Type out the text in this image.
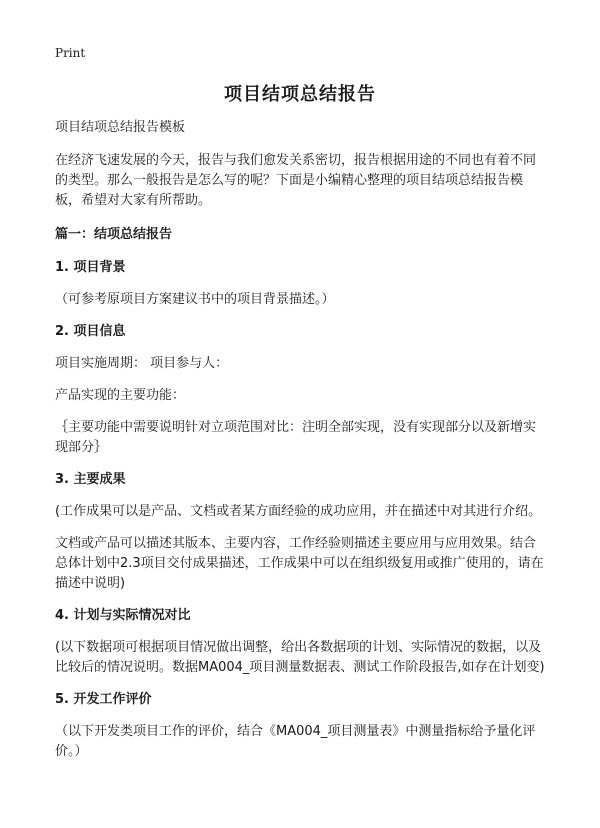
Print
项目结项总结报告

项目结项总结报告模板

在经济飞速发展的今天，报告与我们愈发关系密切，报告根据用途的不同也有着不同的类型。那么一般报告是怎么写的呢？下面是小编精心整理的项目结项总结报告模板，希望对大家有所帮助。

篇一：结项总结报告

1. 项目背景

（可参考原项目方案建议书中的项目背景描述。）

2. 项目信息

项目实施周期： 项目参与人：

产品实现的主要功能：

｛主要功能中需要说明针对立项范围对比：注明全部实现，没有实现部分以及新增实现部分｝

3. 主要成果

(工作成果可以是产品、文档或者某方面经验的成功应用，并在描述中对其进行介绍。

文档或产品可以描述其版本、主要内容，工作经验则描述主要应用与应用效果。结合总体计划中2.3项目交付成果描述，工作成果中可以在组织级复用或推广使用的，请在描述中说明)

4. 计划与实际情况对比

(以下数据项可根据项目情况做出调整，给出各数据项的计划、实际情况的数据，以及比较后的情况说明。数据MA004_项目测量数据表、测试工作阶段报告,如存在计划变)

5. 开发工作评价

（以下开发类项目工作的评价，结合《MA004_项目测量表》中测量指标给予量化评价。）
